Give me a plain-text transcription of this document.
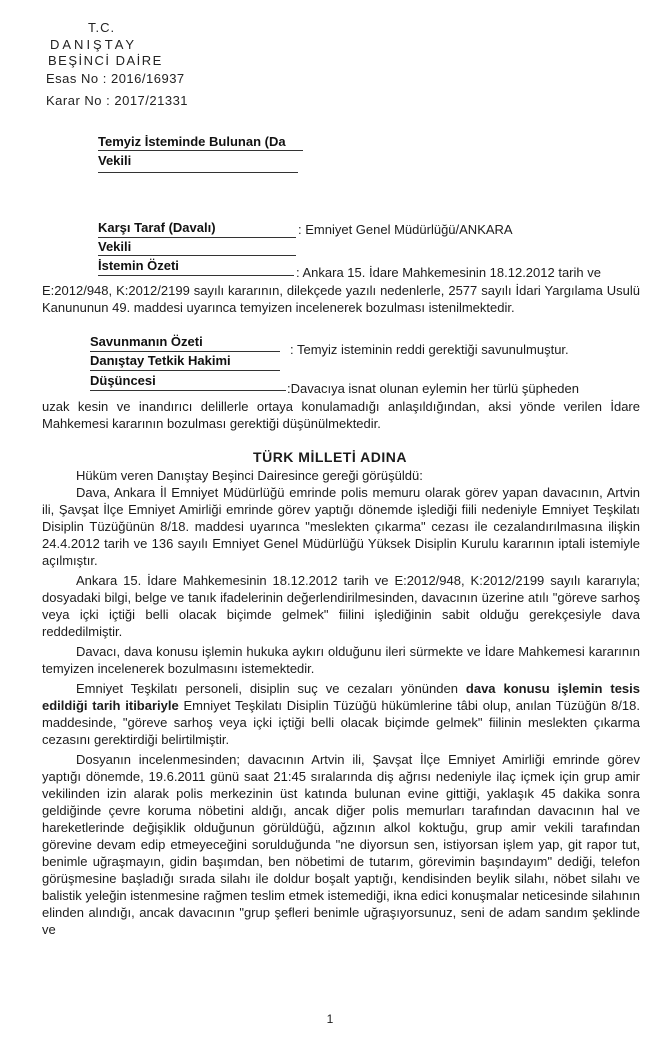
T.C.
DANIŞTAY
BEŞİNCİ DAİRE
Esas No : 2016/16937
Karar No : 2017/21331
Temyiz İsteminde Bulunan (Da
Vekili
Karşı Taraf (Davalı)	: Emniyet Genel Müdürlüğü/ANKARA
Vekili
İstemin Özeti	: Ankara 15. İdare Mahkemesinin 18.12.2012 tarih ve

E:2012/948, K:2012/2199 sayılı kararının, dilekçede yazılı nedenlerle, 2577 sayılı İdari Yargılama Usulü Kanununun 49. maddesi uyarınca temyizen incelenerek bozulması istenilmektedir.

Savunmanın Özeti
: Temyiz isteminin reddi gerektiği savunulmuştur.
Danıştay Tetkik Hakimi
Düşüncesi
:Davacıya isnat olunan eylemin her türlü şüpheden

uzak kesin ve inandırıcı delillerle ortaya konulamadığı anlaşıldığından, aksi yönde verilen İdare Mahkemesi kararının bozulması gerektiği düşünülmektedir.

TÜRK MİLLETİ ADINA

Hüküm veren Danıştay Beşinci Dairesince gereği görüşüldü:

Dava, Ankara İl Emniyet Müdürlüğü emrinde polis memuru olarak görev yapan davacının, Artvin ili, Şavşat İlçe Emniyet Amirliği emrinde görev yaptığı dönemde işlediği fiili nedeniyle Emniyet Teşkilatı Disiplin Tüzüğünün 8/18. maddesi uyarınca "meslekten çıkarma" cezası ile cezalandırılmasına ilişkin 24.4.2012 tarih ve 136 sayılı Emniyet Genel Müdürlüğü Yüksek Disiplin Kurulu kararının iptali istemiyle açılmıştır.

Ankara 15. İdare Mahkemesinin 18.12.2012 tarih ve E:2012/948, K:2012/2199 sayılı kararıyla; dosyadaki bilgi, belge ve tanık ifadelerinin değerlendirilmesinden, davacının üzerine atılı "göreve sarhoş veya içki içtiği belli olacak biçimde gelmek" fiilini işlediğinin sabit olduğu gerekçesiyle dava reddedilmiştir.

Davacı, dava konusu işlemin hukuka aykırı olduğunu ileri sürmekte ve İdare Mahkemesi kararının temyizen incelenerek bozulmasını istemektedir.

Emniyet Teşkilatı personeli, disiplin suç ve cezaları yönünden dava konusu işlemin tesis edildiği tarih itibariyle Emniyet Teşkilatı Disiplin Tüzüğü hükümlerine tâbi olup, anılan Tüzüğün 8/18. maddesinde, "göreve sarhoş veya içki içtiği belli olacak biçimde gelmek" fiilinin meslekten çıkarma cezasını gerektirdiği belirtilmiştir.

Dosyanın incelenmesinden; davacının Artvin ili, Şavşat İlçe Emniyet Amirliği emrinde görev yaptığı dönemde, 19.6.2011 günü saat 21:45 sıralarında diş ağrısı nedeniyle ilaç içmek için grup amir vekilinden izin alarak polis merkezinin üst katında bulunan evine gittiği, yaklaşık 45 dakika sonra geldiğinde çevre koruma nöbetini aldığı, ancak diğer polis memurları tarafından davacının hal ve hareketlerinde değişiklik olduğunun görüldüğü, ağzının alkol koktuğu, grup amir vekili tarafından görevine devam edip etmeyeceğini sorulduğunda "ne diyorsun sen, istiyorsan işlem yap, git rapor tut, benimle uğraşmayın, gidin başımdan, ben nöbetimi de tutarım, görevimin başındayım" dediği, telefon görüşmesine başladığı sırada silahı ile doldur boşalt yaptığı, kendisinden beylik silahı, nöbet silahı ve balistik yeleğin istenmesine rağmen teslim etmek istemediği, ikna edici konuşmalar neticesinde silahının elinden alındığı, ancak davacının "grup şefleri benimle uğraşıyorsunuz, seni de adam sandım şeklinde ve

1
